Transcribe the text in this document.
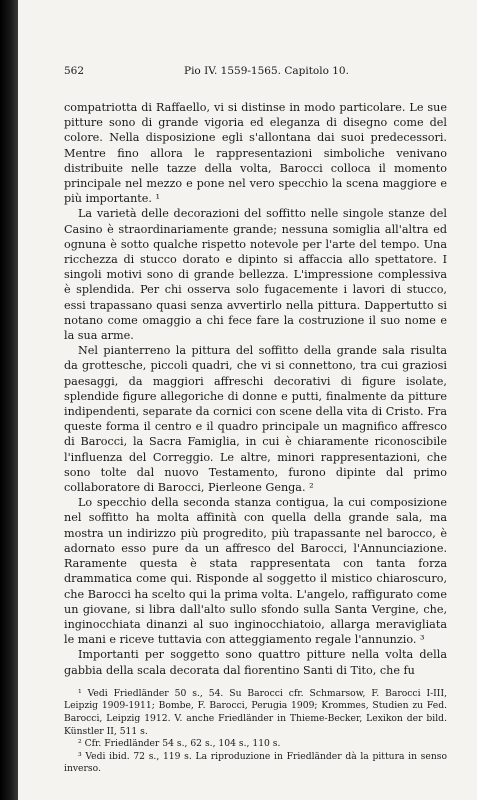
562	Pio IV. 1559-1565. Capitolo 10.

compatriotta di Raffaello, vi si distinse in modo particolare. Le sue pitture sono di grande vigoria ed eleganza di disegno come del colore. Nella disposizione egli s'allontana dai suoi predecessori. Mentre fino allora le rappresentazioni simboliche venivano distribuite nelle tazze della volta, Barocci colloca il momento principale nel mezzo e pone nel vero specchio la scena maggiore e più importante. ¹

La varietà delle decorazioni del soffitto nelle singole stanze del Casino è straordinariamente grande; nessuna somiglia all'altra ed ognuna è sotto qualche rispetto notevole per l'arte del tempo. Una ricchezza di stucco dorato e dipinto si affaccia allo spettatore. I singoli motivi sono di grande bellezza. L'impressione complessiva è splendida. Per chi osserva solo fugacemente i lavori di stucco, essi trapassano quasi senza avvertirlo nella pittura. Dappertutto si notano come omaggio a chi fece fare la costruzione il suo nome e la sua arme.

Nel pianterreno la pittura del soffitto della grande sala risulta da grottesche, piccoli quadri, che vi si connettono, tra cui graziosi paesaggi, da maggiori affreschi decorativi di figure isolate, splendide figure allegoriche di donne e putti, finalmente da pitture indipendenti, separate da cornici con scene della vita di Cristo. Fra queste forma il centro e il quadro principale un magnifico affresco di Barocci, la Sacra Famiglia, in cui è chiaramente riconoscibile l'influenza del Correggio. Le altre, minori rappresentazioni, che sono tolte dal nuovo Testamento, furono dipinte dal primo collaboratore di Barocci, Pierleone Genga. ²

Lo specchio della seconda stanza contigua, la cui composizione nel soffitto ha molta affinità con quella della grande sala, ma mostra un indirizzo più progredito, più trapassante nel barocco, è adornato esso pure da un affresco del Barocci, l'Annunciazione. Raramente questa è stata rappresentata con tanta forza drammatica come qui. Risponde al soggetto il mistico chiaroscuro, che Barocci ha scelto qui la prima volta. L'angelo, raffigurato come un giovane, si libra dall'alto sullo sfondo sulla Santa Vergine, che, inginocchiata dinanzi al suo inginocchiatoio, allarga meravigliata le mani e riceve tuttavia con atteggiamento regale l'annunzio. ³

Importanti per soggetto sono quattro pitture nella volta della gabbia della scala decorata dal fiorentino Santi di Tito, che fu

¹ Vedi Friedländer 50 s., 54. Su Barocci cfr. Schmarsow, F. Barocci I-III, Leipzig 1909-1911; Bombe, F. Barocci, Perugia 1909; Krommes, Studien zu Fed. Barocci, Leipzig 1912. V. anche Friedländer in Thieme-Becker, Lexikon der bild. Künstler II, 511 s.

² Cfr. Friedländer 54 s., 62 s., 104 s., 110 s.

³ Vedi ibid. 72 s., 119 s. La riproduzione in Friedländer dà la pittura in senso inverso.
